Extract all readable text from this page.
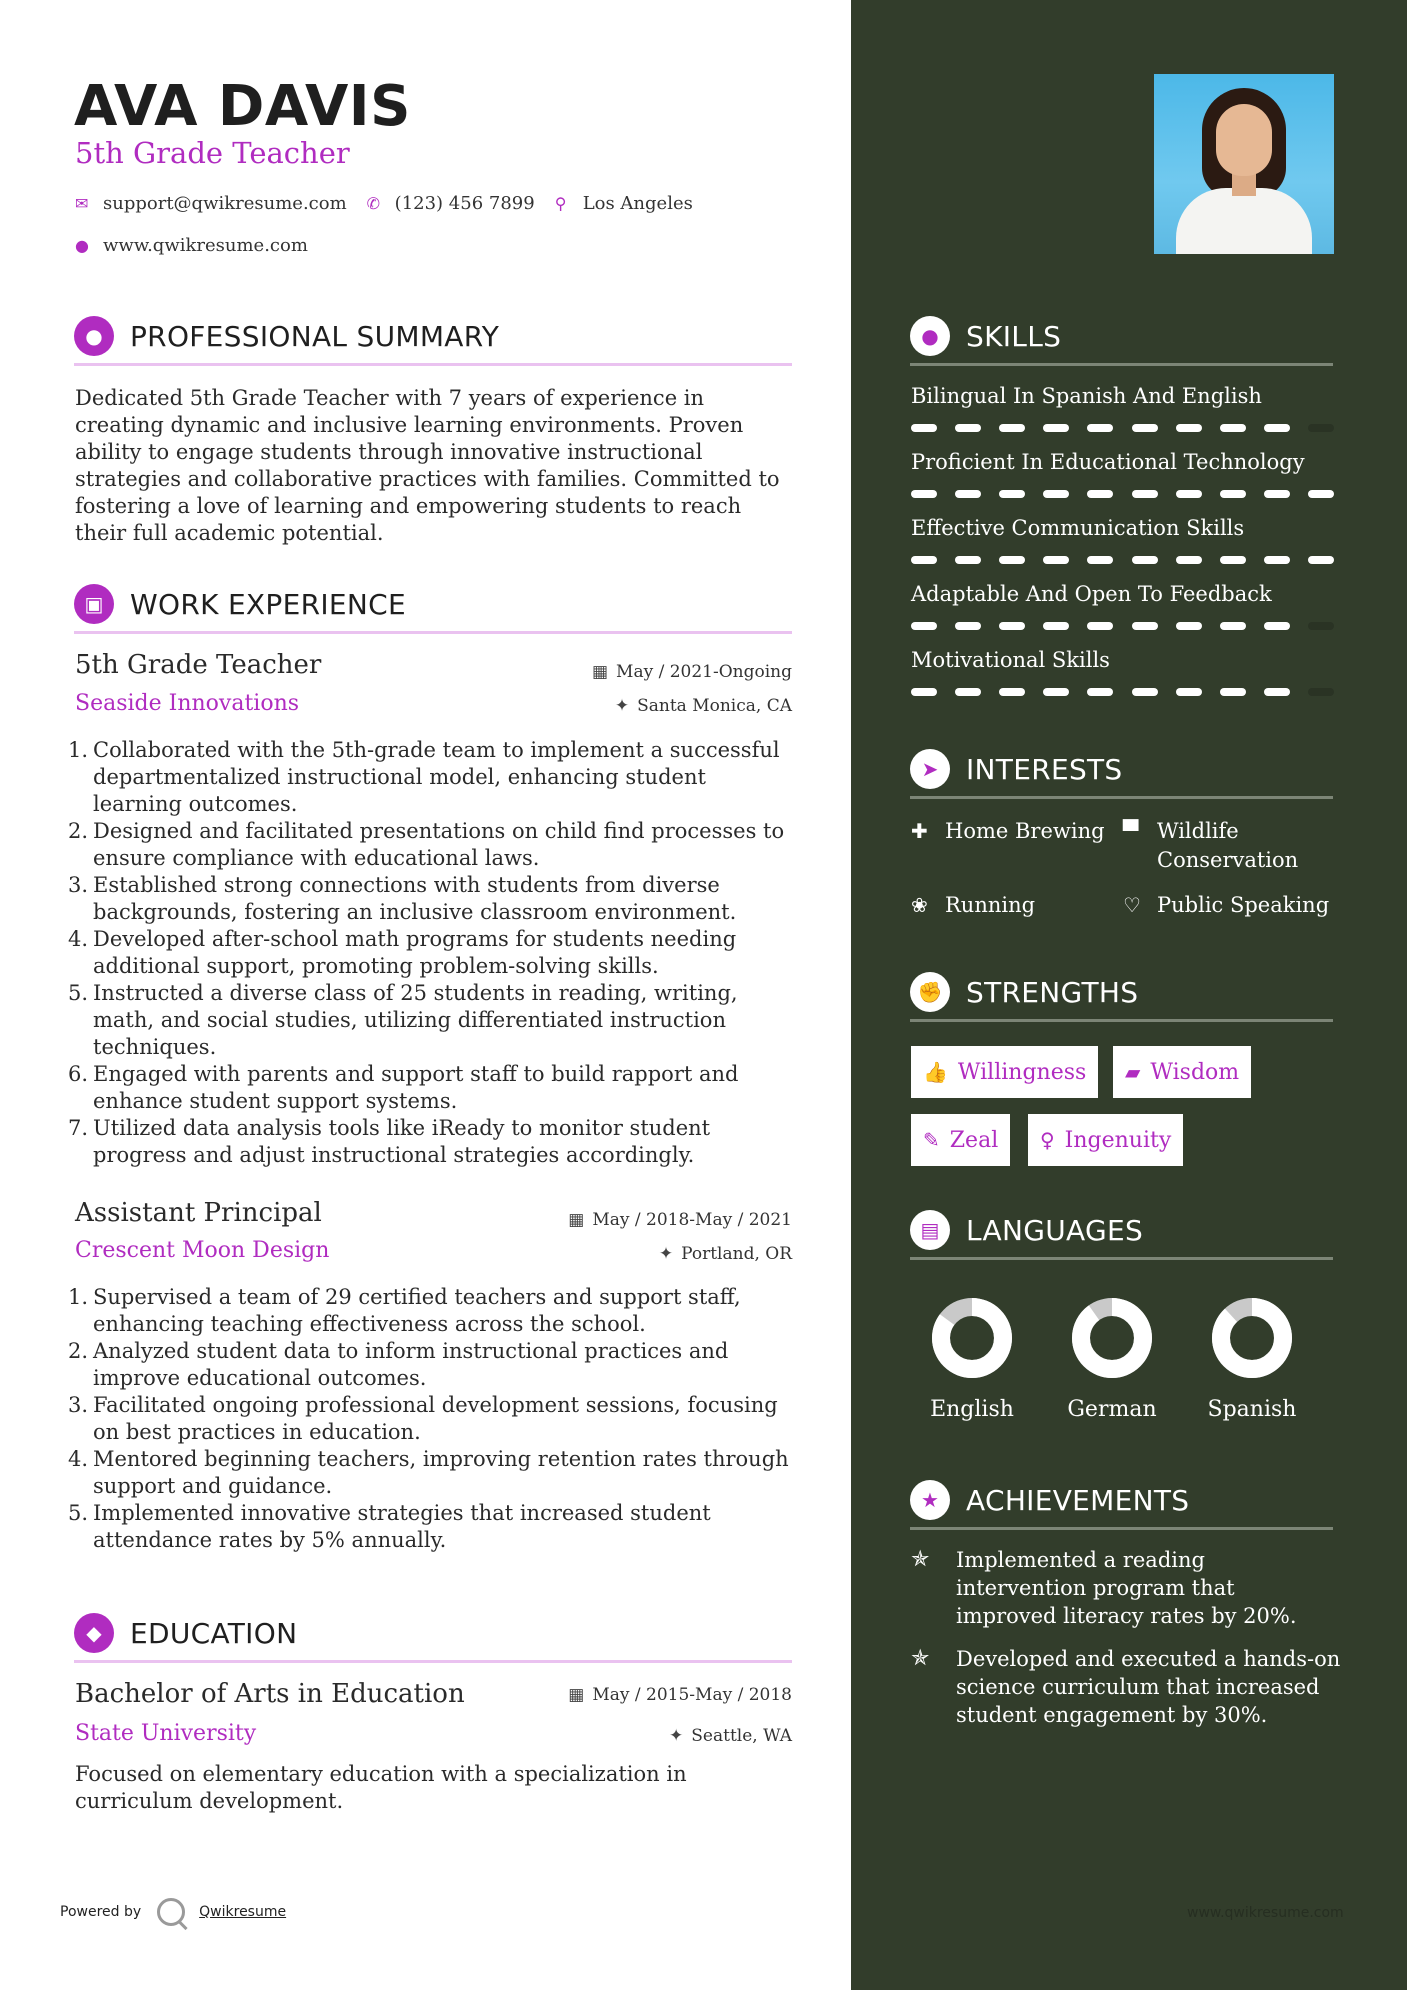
AVA DAVIS
5th Grade Teacher
✉ support@qwikresume.com ✆ (123) 456 7899 ⚲ Los Angeles
● www.qwikresume.com
● PROFESSIONAL SUMMARY
Dedicated 5th Grade Teacher with 7 years of experience in creating dynamic and inclusive learning environments. Proven ability to engage students through innovative instructional strategies and collaborative practices with families. Committed to fostering a love of learning and empowering students to reach their full academic potential.
▣ WORK EXPERIENCE
5th Grade Teacher
Seaside Innovations
▦ May / 2021-Ongoing
✦ Santa Monica, CA
1. Collaborated with the 5th-grade team to implement a successful departmentalized instructional model, enhancing student learning outcomes.
2. Designed and facilitated presentations on child find processes to ensure compliance with educational laws.
3. Established strong connections with students from diverse backgrounds, fostering an inclusive classroom environment.
4. Developed after-school math programs for students needing additional support, promoting problem-solving skills.
5. Instructed a diverse class of 25 students in reading, writing, math, and social studies, utilizing differentiated instruction techniques.
6. Engaged with parents and support staff to build rapport and enhance student support systems.
7. Utilized data analysis tools like iReady to monitor student progress and adjust instructional strategies accordingly.
Assistant Principal
Crescent Moon Design
▦ May / 2018-May / 2021
✦ Portland, OR
1. Supervised a team of 29 certified teachers and support staff, enhancing teaching effectiveness across the school.
2. Analyzed student data to inform instructional practices and improve educational outcomes.
3. Facilitated ongoing professional development sessions, focusing on best practices in education.
4. Mentored beginning teachers, improving retention rates through support and guidance.
5. Implemented innovative strategies that increased student attendance rates by 5% annually.
◆	EDUCATION
Bachelor of Arts in Education
State University
▦ May / 2015-May / 2018
✦ Seattle, WA
Focused on elementary education with a specialization in curriculum development.
Powered by	Qwikresume
● SKILLS
Bilingual In Spanish And English
Proficient In Educational Technology
Effective Communication Skills
Adaptable And Open To Feedback
Motivational Skills
➤ INTERESTS
✚ Home Brewing ▀ Wildlife
Conservation
❀ Running	♡ Public Speaking
✊ STRENGTHS
👍 Willingness ▰ Wisdom
✎ Zeal ♀ Ingenuity
▤ LANGUAGES
English	German	Spanish
★ ACHIEVEMENTS
✯	Implemented a reading intervention program that improved literacy rates by 20%.
✯	Developed and executed a hands-on science curriculum that increased student engagement by 30%.
www.qwikresume.com
